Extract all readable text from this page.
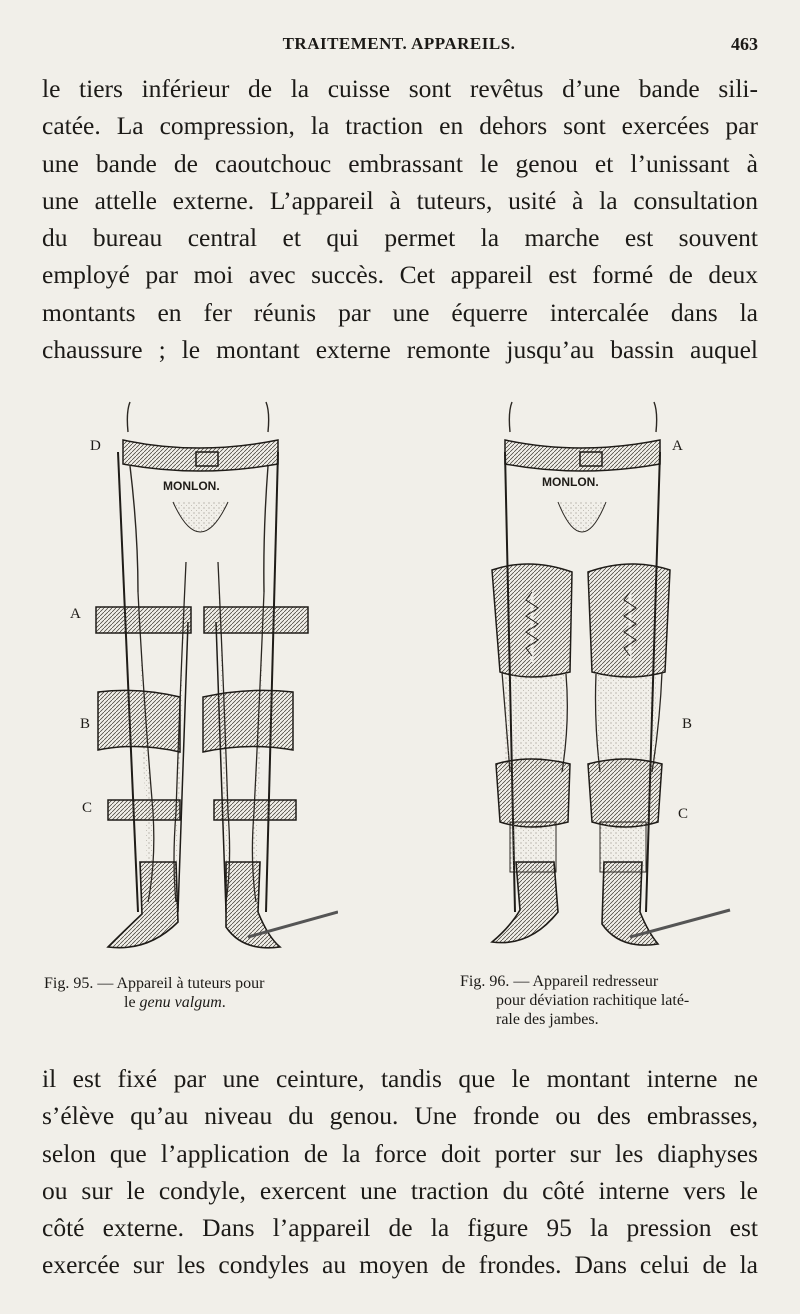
TRAITEMENT. APPAREILS.	463
le tiers inférieur de la cuisse sont revêtus d’une bande sili-
catée. La compression, la traction en dehors sont exercées par
une bande de caoutchouc embrassant le genou et l’unissant à
une attelle externe. L’appareil à tuteurs, usité à la consultation
du bureau central et qui permet la marche est souvent
employé par moi avec succès. Cet appareil est formé de deux
montants en fer réunis par une équerre intercalée dans la
chaussure ; le montant externe remonte jusqu’au bassin auquel
MONLON.
D
A
B
C
MONLON.
A
B
C
Fig. 95. — Appareil à tuteurs pour
le genu valgum.
Fig. 96. — Appareil redresseur
pour déviation rachitique laté-
rale des jambes.
il est fixé par une ceinture, tandis que le montant interne ne
s’élève qu’au niveau du genou. Une fronde ou des embrasses,
selon que l’application de la force doit porter sur les diaphyses
ou sur le condyle, exercent une traction du côté interne vers le
côté externe. Dans l’appareil de la figure 95 la pression est
exercée sur les condyles au moyen de frondes. Dans celui de la
